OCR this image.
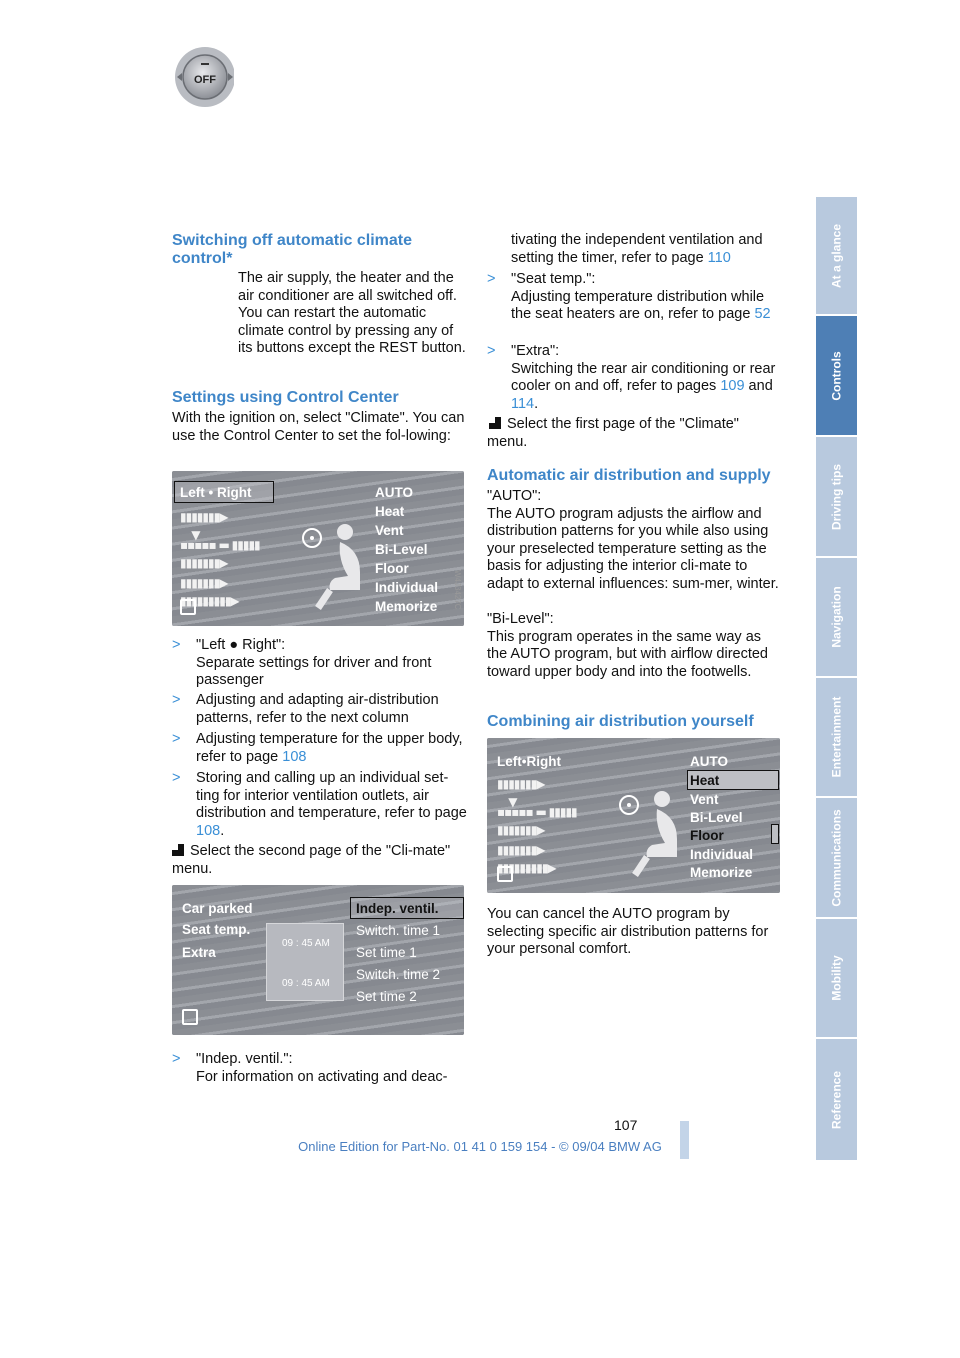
Switching off automatic climate control*
OFF

The air supply, the heater and the air conditioner are all switched off. You can restart the automatic climate control by pressing any of its buttons except the REST button.

Settings using Control Center

With the ignition on, select "Climate". You can use the Control Center to set the fol-lowing:

Left • Right
▮▮▮▮▮▮▮▶
▼
▪▪▪▪▪ ▬ ▮▮▮▮▮
▮▮▮▮▮▮▮▶
▮▮▮▮▮▮▮▶
▮▮▮▮▮▮▮▮▮▶
AUTO
Heat
Vent
Bi-Level
Floor
Individual
Memorize	W4J3427C
> "Left ● Right":
Separate settings for driver and front passenger
> Adjusting and adapting air-distribution patterns, refer to the next column
> Adjusting temperature for the upper body, refer to page 108
> Storing and calling up an individual set-ting for interior ventilation outlets, air distribution and temperature, refer to page 108.

Select the second page of the "Cli-mate" menu.

Car parked
Seat temp.
Extra
09 : 45 AM
09 : 45 AM
Indep. ventil.
Switch. time 1
Set time 1
Switch. time 2
Set time 2
> "Indep. ventil.":
For information on activating and deac-

tivating the independent ventilation and setting the timer, refer to page 110

> "Seat temp.":
Adjusting temperature distribution while the seat heaters are on, refer to page 52
> "Extra":
Switching the rear air conditioning or rear cooler on and off, refer to pages 109 and 114.

Select the first page of the "Climate" menu.

Automatic air distribution and supply

"AUTO":
The AUTO program adjusts the airflow and distribution patterns for you while also using your preselected temperature setting as the basis for adjusting the interior cli-mate to adapt to external influences: sum-mer, winter.

"Bi-Level":
This program operates in the same way as the AUTO program, but with airflow directed toward upper body and into the footwells.

Combining air distribution yourself
Left•Right
▮▮▮▮▮▮▮▶
▼
▪▪▪▪▪ ▬ ▮▮▮▮▮
▮▮▮▮▮▮▮▶
▮▮▮▮▮▮▮▶
▮▮▮▮▮▮▮▮▮▶
AUTO
Heat
Vent
Bi-Level
Floor
Individual
Memorize

You can cancel the AUTO program by selecting specific air distribution patterns for your personal comfort.

At a glance
Controls
Driving tips
Navigation
Entertainment
Communications
Mobility
Reference
107
Online Edition for Part-No. 01 41 0 159 154 - © 09/04 BMW AG
